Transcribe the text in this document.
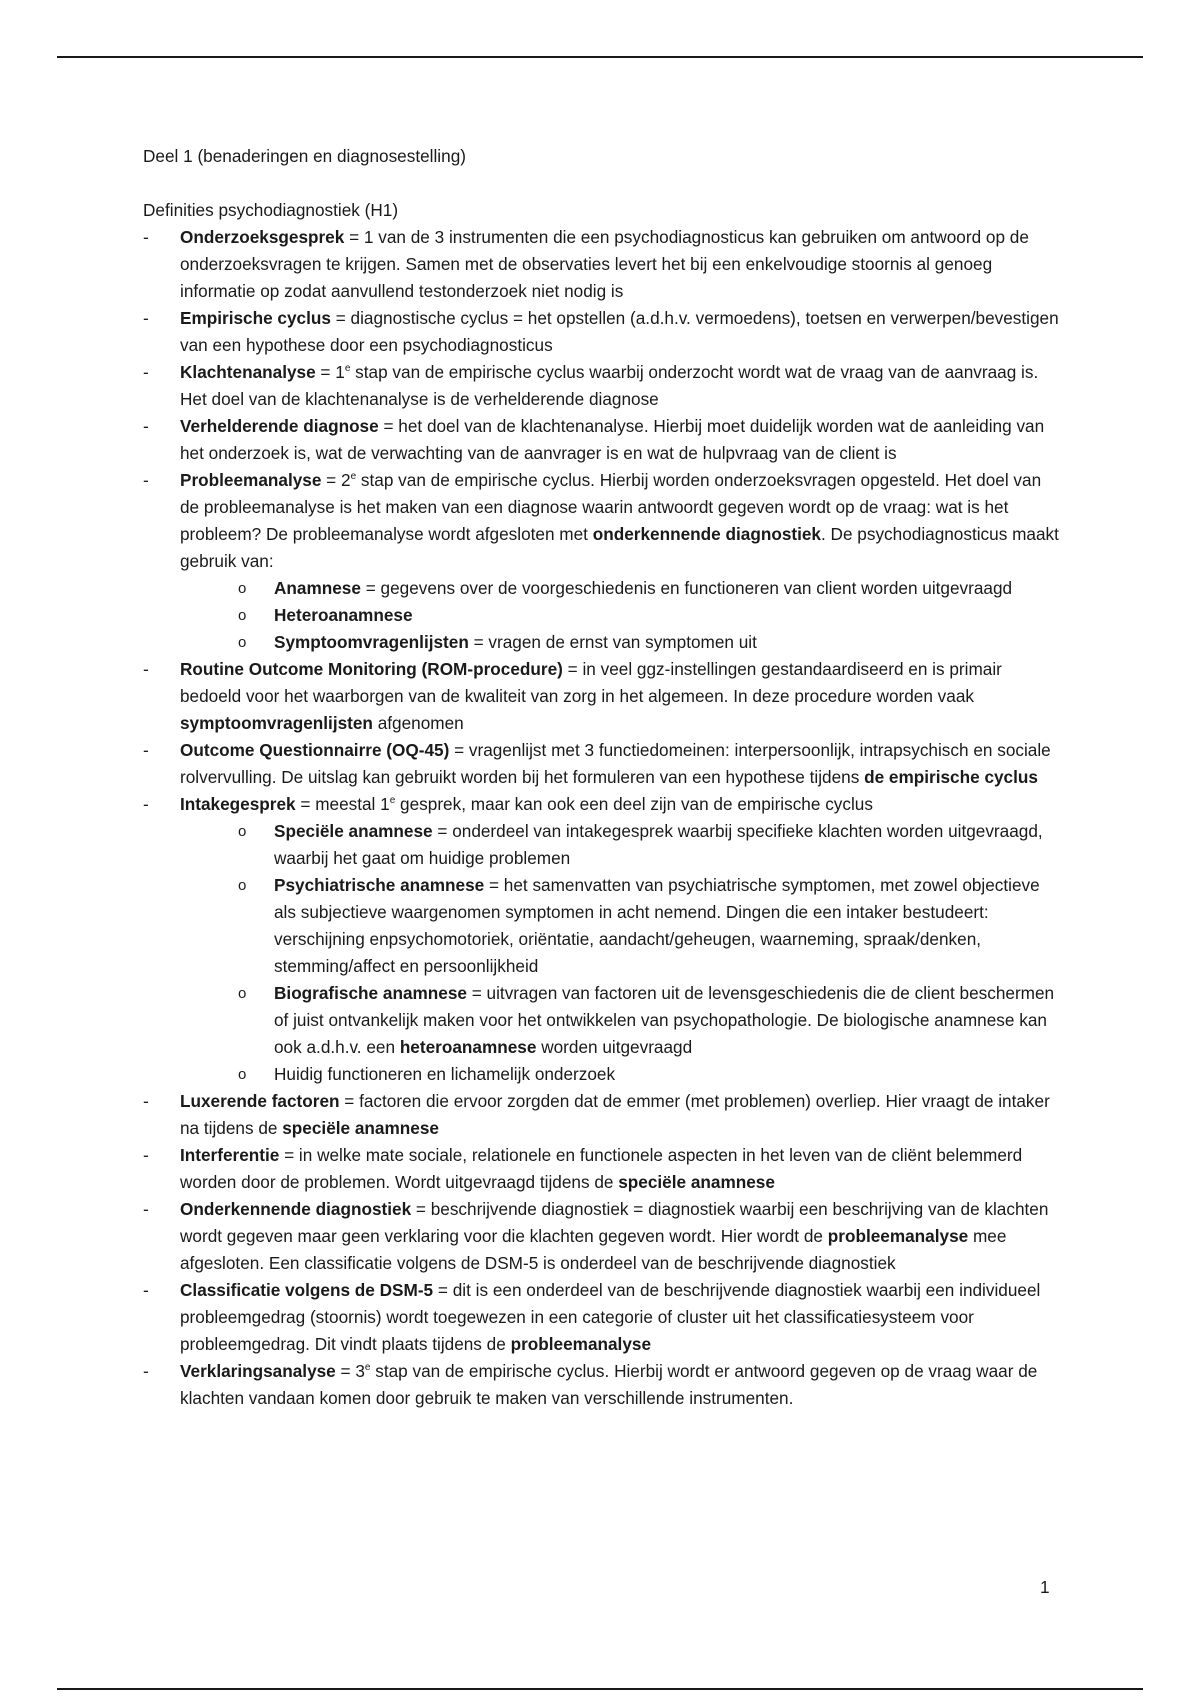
Deel 1 (benaderingen en diagnosestelling)

Definities psychodiagnostiek (H1)

- Onderzoeksgesprek = 1 van de 3 instrumenten die een psychodiagnosticus kan gebruiken om antwoord op de onderzoeksvragen te krijgen. Samen met de observaties levert het bij een enkelvoudige stoornis al genoeg informatie op zodat aanvullend testonderzoek niet nodig is
- Empirische cyclus = diagnostische cyclus = het opstellen (a.d.h.v. vermoedens), toetsen en verwerpen/bevestigen van een hypothese door een psychodiagnosticus
- Klachtenanalyse = $1^e$ stap van de empirische cyclus waarbij onderzocht wordt wat de vraag van de aanvraag is. Het doel van de klachtenanalyse is de verhelderende diagnose
- Verhelderende diagnose = het doel van de klachtenanalyse. Hierbij moet duidelijk worden wat de aanleiding van het onderzoek is, wat de verwachting van de aanvrager is en wat de hulpvraag van de client is
- Probleemanalyse = $2^e$ stap van de empirische cyclus. Hierbij worden onderzoeksvragen opgesteld. Het doel van de probleemanalyse is het maken van een diagnose waarin antwoordt gegeven wordt op de vraag: wat is het probleem? De probleemanalyse wordt afgesloten met onderkennende diagnostiek. De psychodiagnosticus maakt gebruik van:
o Anamnese = gegevens over de voorgeschiedenis en functioneren van client worden uitgevraagd
o Heteroanamnese
o Symptoomvragenlijsten = vragen de ernst van symptomen uit
- Routine Outcome Monitoring (ROM-procedure) = in veel ggz-instellingen gestandaardiseerd en is primair bedoeld voor het waarborgen van de kwaliteit van zorg in het algemeen. In deze procedure worden vaak symptoomvragenlijsten afgenomen
- Outcome Questionnairre (OQ-45) = vragenlijst met 3 functiedomeinen: interpersoonlijk, intrapsychisch en sociale rolvervulling. De uitslag kan gebruikt worden bij het formuleren van een hypothese tijdens de empirische cyclus
- Intakegesprek = meestal 1e gesprek, maar kan ook een deel zijn van de empirische cyclus
o Speciële anamnese = onderdeel van intakegesprek waarbij specifieke klachten worden uitgevraagd, waarbij het gaat om huidige problemen
o Psychiatrische anamnese = het samenvatten van psychiatrische symptomen, met zowel objectieve als subjectieve waargenomen symptomen in acht nemend. Dingen die een intaker bestudeert: verschijning enpsychomotoriek, oriëntatie, aandacht/geheugen, waarneming, spraak/denken, stemming/affect en persoonlijkheid
o Biografische anamnese = uitvragen van factoren uit de levensgeschiedenis die de client beschermen of juist ontvankelijk maken voor het ontwikkelen van psychopathologie. De biologische anamnese kan ook a.d.h.v. een heteroanamnese worden uitgevraagd
o Huidig functioneren en lichamelijk onderzoek
- Luxerende factoren = factoren die ervoor zorgden dat de emmer (met problemen) overliep. Hier vraagt de intaker na tijdens de speciële anamnese
- Interferentie = in welke mate sociale, relationele en functionele aspecten in het leven van de cliënt belemmerd worden door de problemen. Wordt uitgevraagd tijdens de speciële anamnese
- Onderkennende diagnostiek = beschrijvende diagnostiek = diagnostiek waarbij een beschrijving van de klachten wordt gegeven maar geen verklaring voor die klachten gegeven wordt. Hier wordt de probleemanalyse mee afgesloten. Een classificatie volgens de DSM-5 is onderdeel van de beschrijvende diagnostiek
- Classificatie volgens de DSM-5 = dit is een onderdeel van de beschrijvende diagnostiek waarbij een individueel probleemgedrag (stoornis) wordt toegewezen in een categorie of cluster uit het classificatiesysteem voor probleemgedrag. Dit vindt plaats tijdens de probleemanalyse
- Verklaringsanalyse = $3^e$ stap van de empirische cyclus. Hierbij wordt er antwoord gegeven op de vraag waar de klachten vandaan komen door gebruik te maken van verschillende instrumenten.
1
